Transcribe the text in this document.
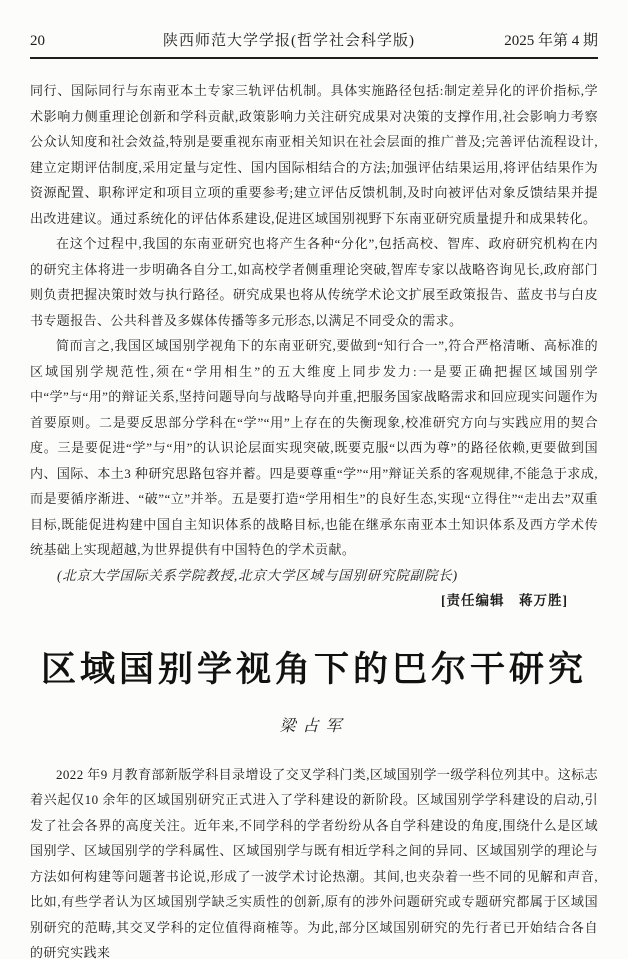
20	陕西师范大学学报(哲学社会科学版)	2025 年第 4 期

同行、国际同行与东南亚本土专家三轨评估机制。具体实施路径包括:制定差异化的评价指标,学术影响力侧重理论创新和学科贡献,政策影响力关注研究成果对决策的支撑作用,社会影响力考察公众认知度和社会效益,特别是要重视东南亚相关知识在社会层面的推广普及;完善评估流程设计,建立定期评估制度,采用定量与定性、国内国际相结合的方法;加强评估结果运用,将评估结果作为资源配置、职称评定和项目立项的重要参考;建立评估反馈机制,及时向被评估对象反馈结果并提出改进建议。通过系统化的评估体系建设,促进区域国别视野下东南亚研究质量提升和成果转化。

在这个过程中,我国的东南亚研究也将产生各种“分化”,包括高校、智库、政府研究机构在内的研究主体将进一步明确各自分工,如高校学者侧重理论突破,智库专家以战略咨询见长,政府部门则负责把握决策时效与执行路径。研究成果也将从传统学术论文扩展至政策报告、蓝皮书与白皮书专题报告、公共科普及多媒体传播等多元形态,以满足不同受众的需求。

简而言之,我国区域国别学视角下的东南亚研究,要做到“知行合一”,符合严格清晰、高标准的区域国别学规范性,须在“学用相生”的五大维度上同步发力:一是要正确把握区域国别学中“学”与“用”的辩证关系,坚持问题导向与战略导向并重,把服务国家战略需求和回应现实问题作为首要原则。二是要反思部分学科在“学”“用”上存在的失衡现象,校准研究方向与实践应用的契合度。三是要促进“学”与“用”的认识论层面实现突破,既要克服“以西为尊”的路径依赖,更要做到国内、国际、本土3 种研究思路包容并蓄。四是要尊重“学”“用”辩证关系的客观规律,不能急于求成,而是要循序渐进、“破”“立”并举。五是要打造“学用相生”的良好生态,实现“立得住”“走出去”双重目标,既能促进构建中国自主知识体系的战略目标,也能在继承东南亚本土知识体系及西方学术传统基础上实现超越,为世界提供有中国特色的学术贡献。

(北京大学国际关系学院教授,北京大学区域与国别研究院副院长)

[责任编辑　蒋万胜]

区域国别学视角下的巴尔干研究

梁占军

2022 年9 月教育部新版学科目录增设了交叉学科门类,区域国别学一级学科位列其中。这标志着兴起仅10 余年的区域国别研究正式进入了学科建设的新阶段。区域国别学学科建设的启动,引发了社会各界的高度关注。近年来,不同学科的学者纷纷从各自学科建设的角度,围绕什么是区域国别学、区域国别学的学科属性、区域国别学与既有相近学科之间的异同、区域国别学的理论与方法如何构建等问题著书论说,形成了一波学术讨论热潮。其间,也夹杂着一些不同的见解和声音,比如,有些学者认为区域国别学缺乏实质性的创新,原有的涉外问题研究或专题研究都属于区域国别研究的范畴,其交叉学科的定位值得商榷等。为此,部分区域国别研究的先行者已开始结合各自的研究实践来
